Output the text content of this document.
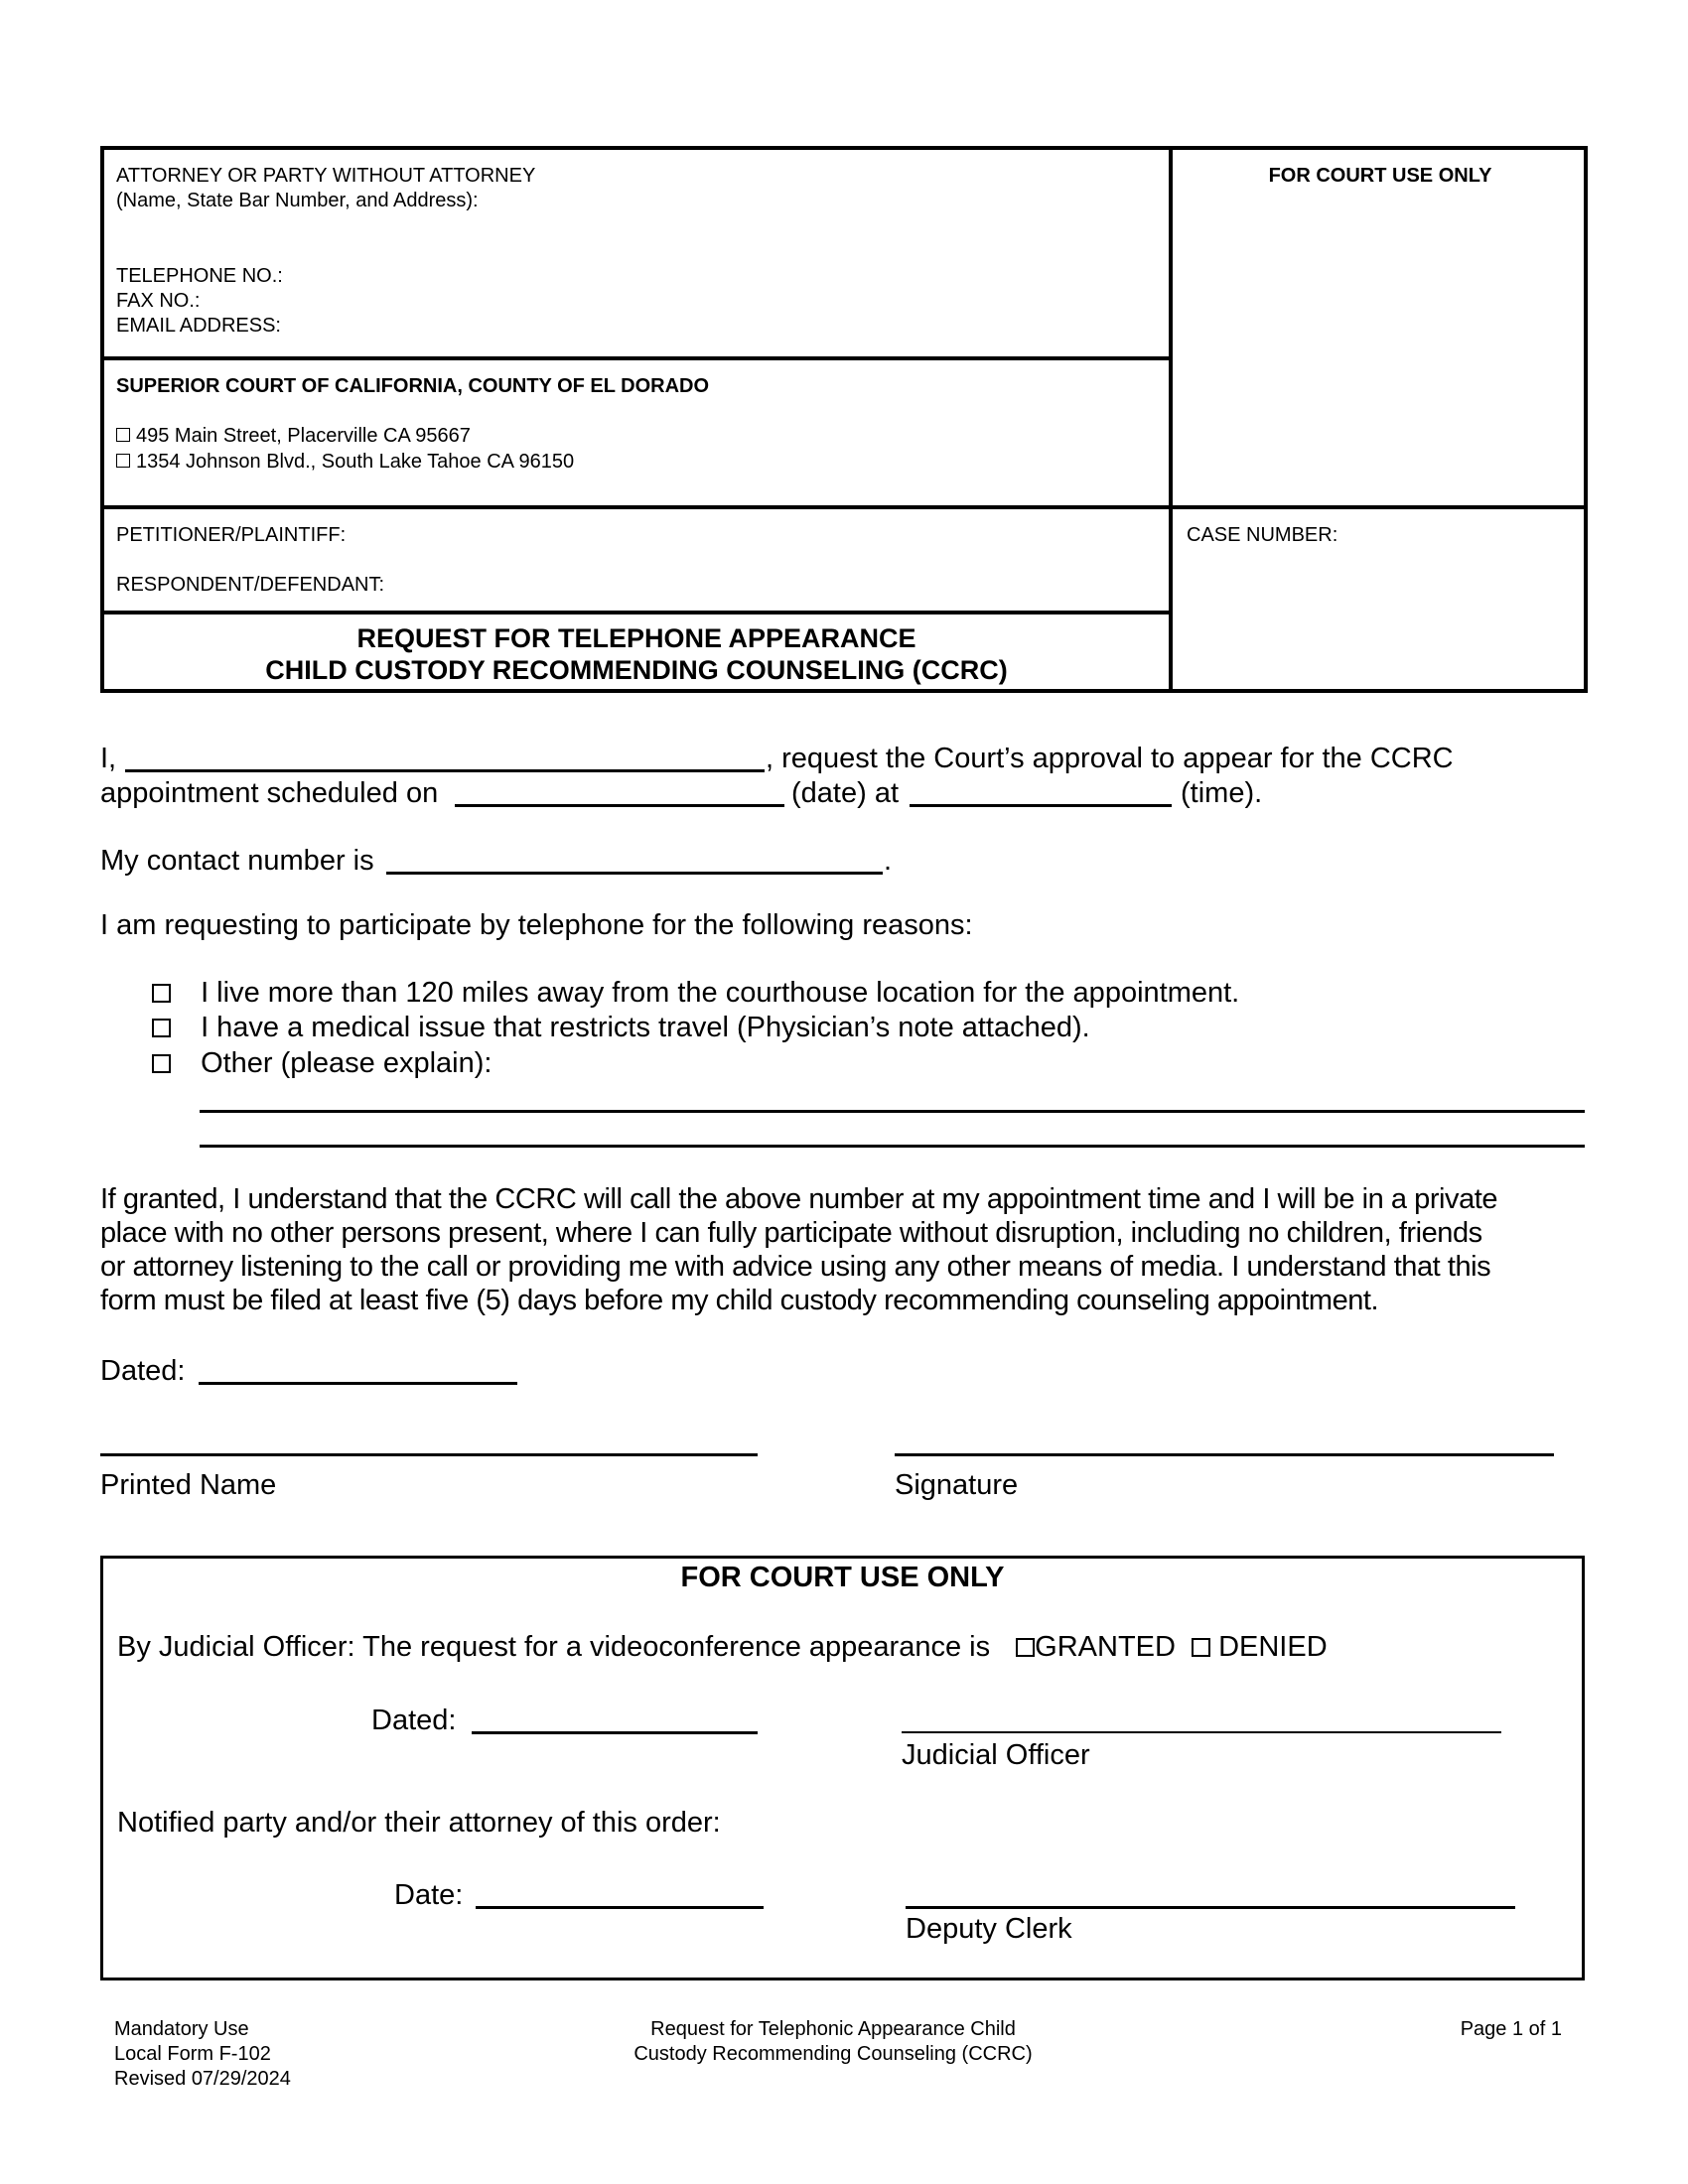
ATTORNEY OR PARTY WITHOUT ATTORNEY
(Name, State Bar Number, and Address):
TELEPHONE NO.:
FAX NO.:
EMAIL ADDRESS:
FOR COURT USE ONLY
SUPERIOR COURT OF CALIFORNIA, COUNTY OF EL DORADO
495 Main Street, Placerville CA 95667
1354 Johnson Blvd., South Lake Tahoe CA 96150
PETITIONER/PLAINTIFF:
RESPONDENT/DEFENDANT:
CASE NUMBER:
REQUEST FOR TELEPHONE APPEARANCE
CHILD CUSTODY RECOMMENDING COUNSELING (CCRC)
I,	, request the Court’s approval to appear for the CCRC
appointment scheduled on	(date) at	(time).
My contact number is	.
I am requesting to participate by telephone for the following reasons:
I live more than 120 miles away from the courthouse location for the appointment.
I have a medical issue that restricts travel (Physician’s note attached).
Other (please explain):
If granted, I understand that the CCRC will call the above number at my appointment time and I will be in a private
place with no other persons present, where I can fully participate without disruption, including no children, friends
or attorney listening to the call or providing me with advice using any other means of media. I understand that this
form must be filed at least five (5) days before my child custody recommending counseling appointment.
Dated:
Printed Name	Signature
FOR COURT USE ONLY
By Judicial Officer: The request for a videoconference appearance is GRANTED DENIED
Dated:
Judicial Officer
Notified party and/or their attorney of this order:
Date:
Deputy Clerk
Mandatory Use
Local Form F-102
Revised 07/29/2024
Request for Telephonic Appearance Child
Custody Recommending Counseling (CCRC)
Page 1 of 1
